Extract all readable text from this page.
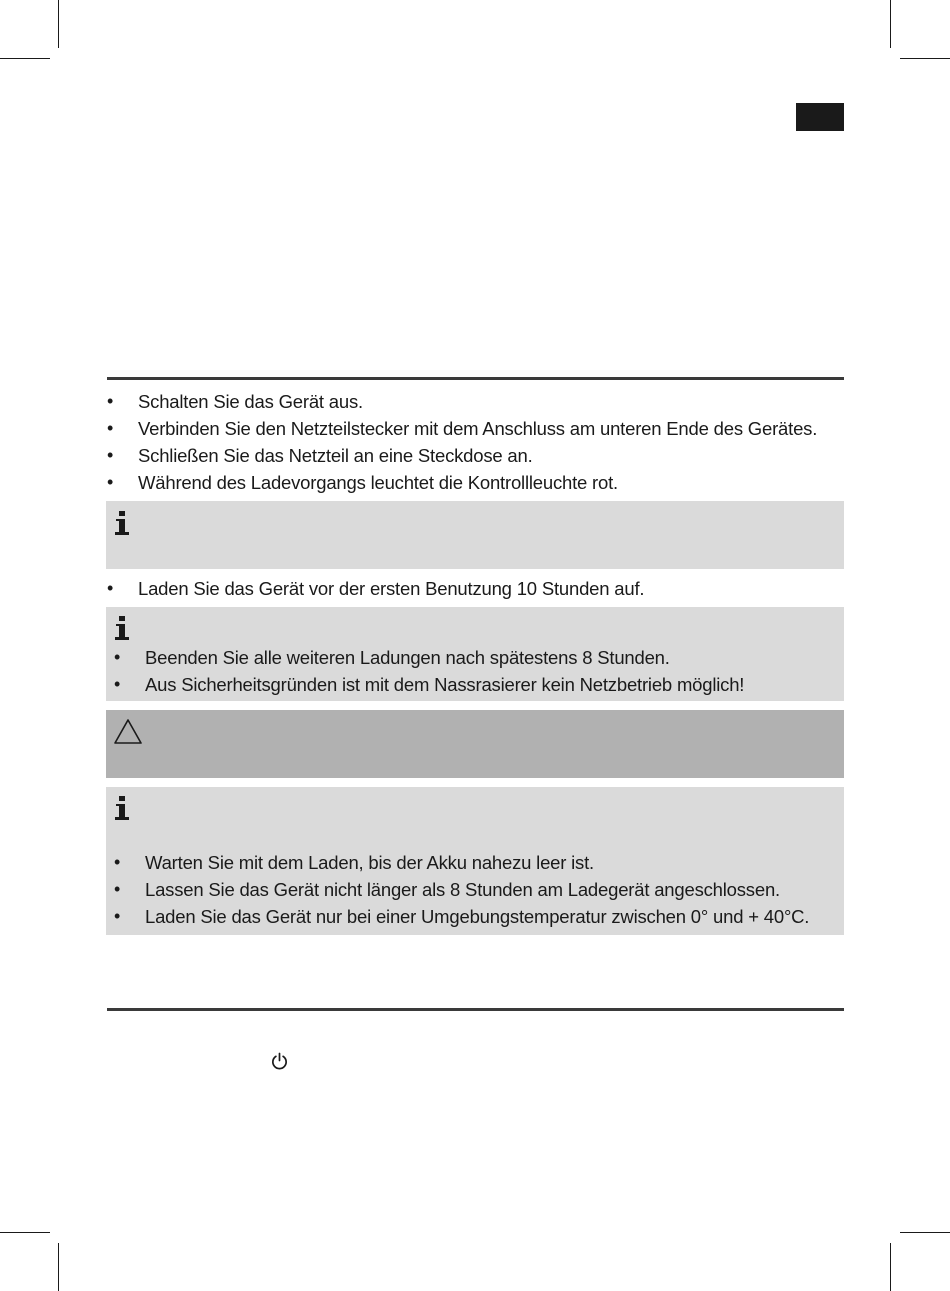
• Schalten Sie das Gerät aus.
• Verbinden Sie den Netzteilstecker mit dem Anschluss am unteren Ende des Gerätes.
• Schließen Sie das Netzteil an eine Steckdose an.
• Während des Ladevorgangs leuchtet die Kontrollleuchte rot.
• Laden Sie das Gerät vor der ersten Benutzung 10 Stunden auf.
• Beenden Sie alle weiteren Ladungen nach spätestens 8 Stunden.
• Aus Sicherheitsgründen ist mit dem Nassrasierer kein Netzbetrieb möglich!
• Warten Sie mit dem Laden, bis der Akku nahezu leer ist.
• Lassen Sie das Gerät nicht länger als 8 Stunden am Ladegerät angeschlossen.
• Laden Sie das Gerät nur bei einer Umgebungstemperatur zwischen 0° und + 40°C.
